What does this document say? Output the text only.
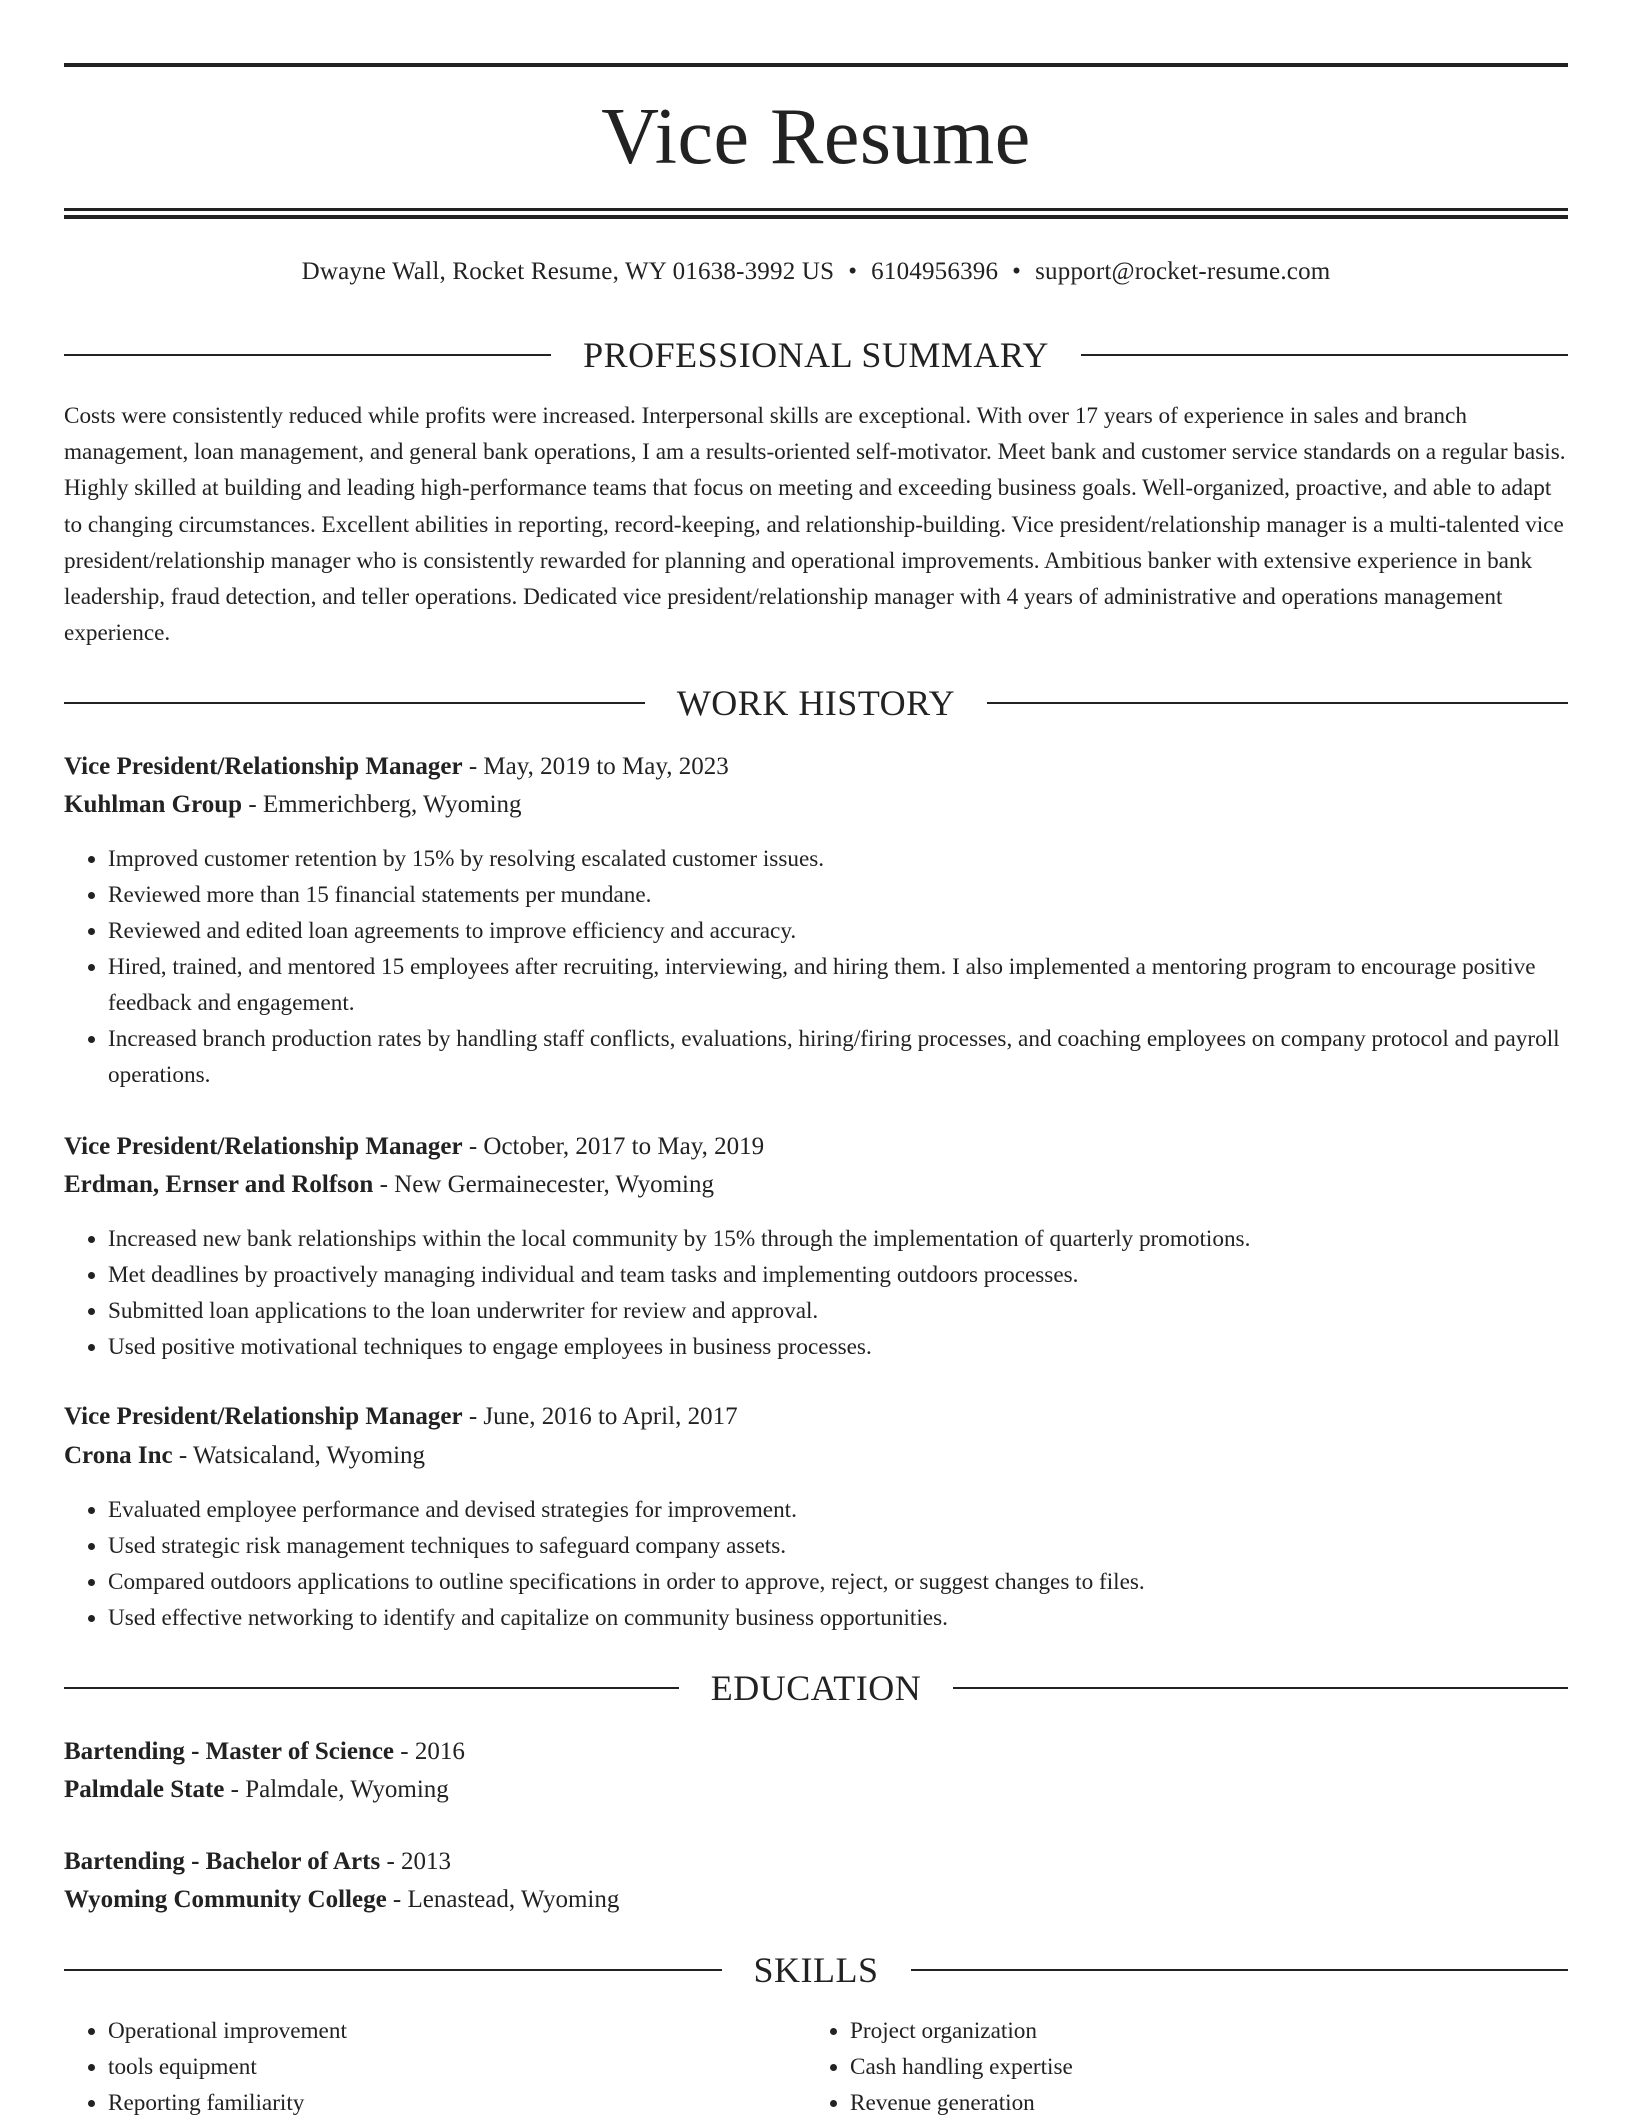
Vice Resume
Dwayne Wall, Rocket Resume, WY 01638-3992 US • 6104956396 • support@rocket-resume.com
PROFESSIONAL SUMMARY
Costs were consistently reduced while profits were increased. Interpersonal skills are exceptional. With over 17 years of experience in sales and branch management, loan management, and general bank operations, I am a results-oriented self-motivator. Meet bank and customer service standards on a regular basis. Highly skilled at building and leading high-performance teams that focus on meeting and exceeding business goals. Well-organized, proactive, and able to adapt to changing circumstances. Excellent abilities in reporting, record-keeping, and relationship-building. Vice president/relationship manager is a multi-talented vice president/relationship manager who is consistently rewarded for planning and operational improvements. Ambitious banker with extensive experience in bank leadership, fraud detection, and teller operations. Dedicated vice president/relationship manager with 4 years of administrative and operations management experience.
WORK HISTORY
Vice President/Relationship Manager - May, 2019 to May, 2023
Kuhlman Group - Emmerichberg, Wyoming
• Improved customer retention by 15% by resolving escalated customer issues.
• Reviewed more than 15 financial statements per mundane.
• Reviewed and edited loan agreements to improve efficiency and accuracy.
• Hired, trained, and mentored 15 employees after recruiting, interviewing, and hiring them. I also implemented a mentoring program to encourage positive feedback and engagement.
• Increased branch production rates by handling staff conflicts, evaluations, hiring/firing processes, and coaching employees on company protocol and payroll operations.
Vice President/Relationship Manager - October, 2017 to May, 2019
Erdman, Ernser and Rolfson - New Germainecester, Wyoming
• Increased new bank relationships within the local community by 15% through the implementation of quarterly promotions.
• Met deadlines by proactively managing individual and team tasks and implementing outdoors processes.
• Submitted loan applications to the loan underwriter for review and approval.
• Used positive motivational techniques to engage employees in business processes.
Vice President/Relationship Manager - June, 2016 to April, 2017
Crona Inc - Watsicaland, Wyoming
• Evaluated employee performance and devised strategies for improvement.
• Used strategic risk management techniques to safeguard company assets.
• Compared outdoors applications to outline specifications in order to approve, reject, or suggest changes to files.
• Used effective networking to identify and capitalize on community business opportunities.
EDUCATION
Bartending - Master of Science - 2016
Palmdale State - Palmdale, Wyoming
Bartending - Bachelor of Arts - 2013
Wyoming Community College - Lenastead, Wyoming
SKILLS
• Operational improvement
• tools equipment
• Reporting familiarity
• Project organization
• Cash handling expertise
• Revenue generation
